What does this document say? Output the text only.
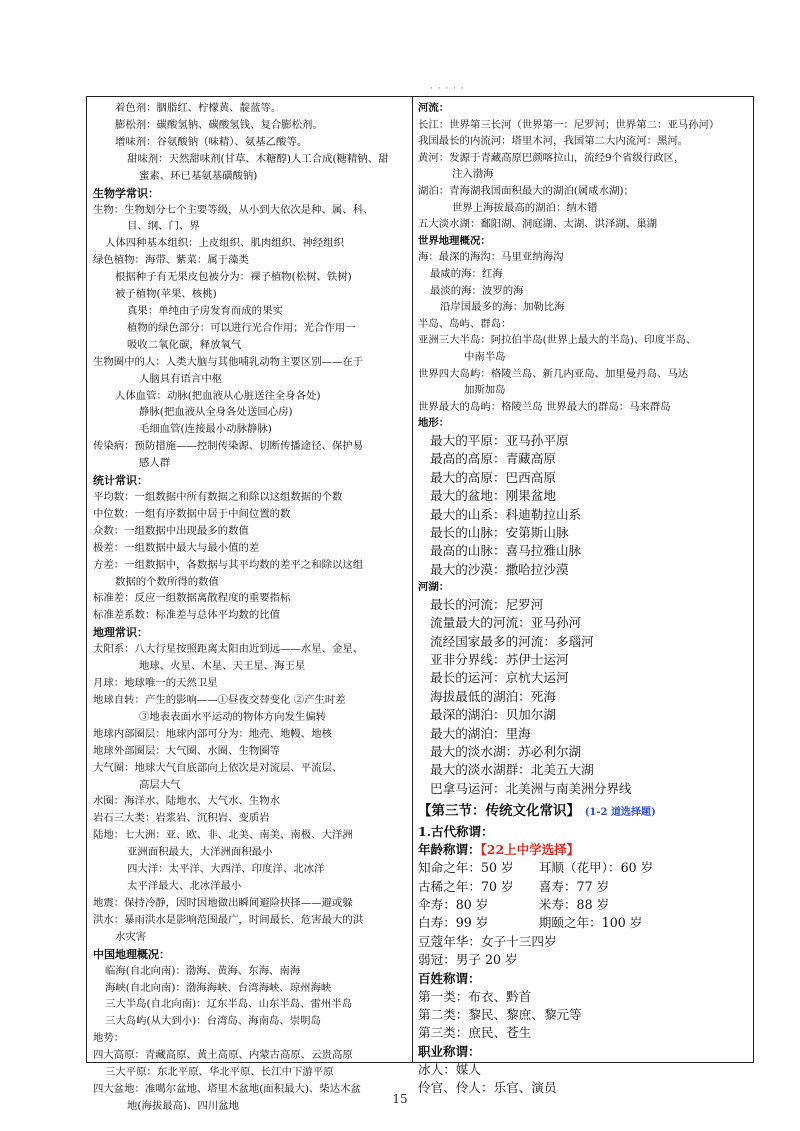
· · · · ·
着色剂：胭脂红、柠檬黄、靛蓝等。
膨松剂：碳酸氢钠、碳酸氢钱、复合膨松剂。
增味剂：谷氨酸钠（味精）、氨基乙酸等。
甜味剂：天然甜味剂(甘草、木糖醇)人工合成(糖精钠、甜
蜜素、环已基氨基磺酸钠)
生物学常识：
生物：生物划分七个主要等级，从小到大依次是种、属、科、
目、纲、门、界
人体四种基本组织：上皮组织、肌肉组织、神经组织
绿色植物：海带、紫菜：属于藻类
根据种子有无果皮包被分为：裸子植物(松树、铁树)
被子植物(苹果、核桃)
真果：单纯由子房发育而成的果实
植物的绿色部分：可以进行光合作用；光合作用一
吸收二氧化碳，释放氧气
生物圈中的人：人类大脑与其他哺乳动物主要区别——在于
人脑具有语言中枢
人体血管：动脉(把血液从心脏送往全身各处)
静脉(把血液从全身各处送回心房)
毛细血管(连接最小动脉静脉)
传染病：预防措施——控制传染源、切断传播途径、保护易
感人群
统计常识：
平均数：一组数据中所有数据之和除以这组数据的个数
中位数：一组有序数据中居于中间位置的数
众数：一组数据中出现最多的数值
极差：一组数据中最大与最小值的差
方差：一组数据中，各数据与其平均数的差平之和除以这组
数据的个数所得的数值
标准差：反应一组数据离散程度的重要指标
标准差系数：标准差与总体平均数的比值
地理常识：
太阳系：八大行星按照距离太阳由近到远——水星、金星、
地球、火星、木星、天王星、海王星
月球：地球唯一的天然卫星
地球自转：产生的影响——①昼夜交替变化 ②产生时差
③地表表面水平运动的物体方向发生偏转
地球内部圈层：地球内部可分为：地壳、地幔、地核
地球外部圈层：大气圈、水圈、生物圈等
大气圈：地球大气自底部向上依次是对流层、平流层、
高层大气
水圈：海洋水、陆地水、大气水、生物水
岩石三大类：岩浆岩、沉积岩、变质岩
陆地：七大洲：亚、欧、非、北美、南美、南极、大洋洲
亚洲面积最大，大洋洲面积最小
四大洋：太平洋、大西洋、印度洋、北冰洋
太平洋最大、北冰洋最小
地震：保持冷静，因时因地做出瞬间避险抉择——避或躲
洪水：暴雨洪水是影响范围最广，时间最长、危害最大的洪
水灾害
中国地理概况：
临海(自北向南)：渤海、黄海、东海、南海
海峡(自北向南)：渤海海峡、台湾海峡、琼州海峡
三大半岛(自北向南)：辽东半岛、山东半岛、雷州半岛
三大岛屿(从大到小)：台湾岛、海南岛、崇明岛
地势：
四大高原：青藏高原、黄土高原、内蒙古高原、云贵高原
三大平原：东北平原、华北平原、长江中下游平原
四大盆地：准噶尔盆地、塔里木盆地(面积最大)、柴达木盆
地(海拔最高)、四川盆地
河流：
长江：世界第三长河（世界第一：尼罗河；世界第二：亚马孙河）
我国最长的内流河：塔里木河，我国第二大内流河：黑河。
黄河：发源于青藏高原巴颜喀拉山，流经9个省级行政区，
注入渤海
湖泊：青海湖我国面积最大的湖泊(属咸水湖)；
世界上海拔最高的湖泊：纳木错
五大淡水湖：鄱阳湖、洞庭湖、太湖、洪泽湖、巢湖
世界地理概况：
海：最深的海沟：马里亚纳海沟
最咸的海：红海
最淡的海：波罗的海
沿岸国最多的海：加勒比海
半岛、岛屿、群岛：
亚洲三大半岛：阿拉伯半岛(世界上最大的半岛)、印度半岛、
中南半岛
世界四大岛屿：格陵兰岛、新几内亚岛、加里曼丹岛、马达
加斯加岛
世界最大的岛屿：格陵兰岛 世界最大的群岛：马来群岛
地形：
最大的平原：亚马孙平原
最高的高原：青藏高原
最大的高原：巴西高原
最大的盆地：刚果盆地
最大的山系：科迪勒拉山系
最长的山脉：安第斯山脉
最高的山脉：喜马拉雅山脉
最大的沙漠：撒哈拉沙漠
河湖：
最长的河流：尼罗河
流量最大的河流：亚马孙河
流经国家最多的河流：多瑙河
亚非分界线：苏伊士运河
最长的运河：京杭大运河
海拔最低的湖泊：死海
最深的湖泊：贝加尔湖
最大的湖泊：里海
最大的淡水湖：苏必利尔湖
最大的淡水湖群：北美五大湖
巴拿马运河：北美洲与南美洲分界线
【第三节：传统文化常识】 (1-2 道选择题)
1.古代称谓：
年龄称谓：【22上中学选择】
知命之年：50 岁　　耳顺（花甲）：60 岁
古稀之年：70 岁　　喜寿：77 岁
伞寿：80 岁　　　　米寿：88 岁
白寿：99 岁　　　　期颐之年：100 岁
豆蔻年华：女子十三四岁
弱冠：男子 20 岁
百姓称谓：
第一类：布衣、黔首
第二类：黎民、黎庶、黎元等
第三类：庶民、苍生
职业称谓：
冰人：媒人
伶官、伶人：乐官、演员
15
